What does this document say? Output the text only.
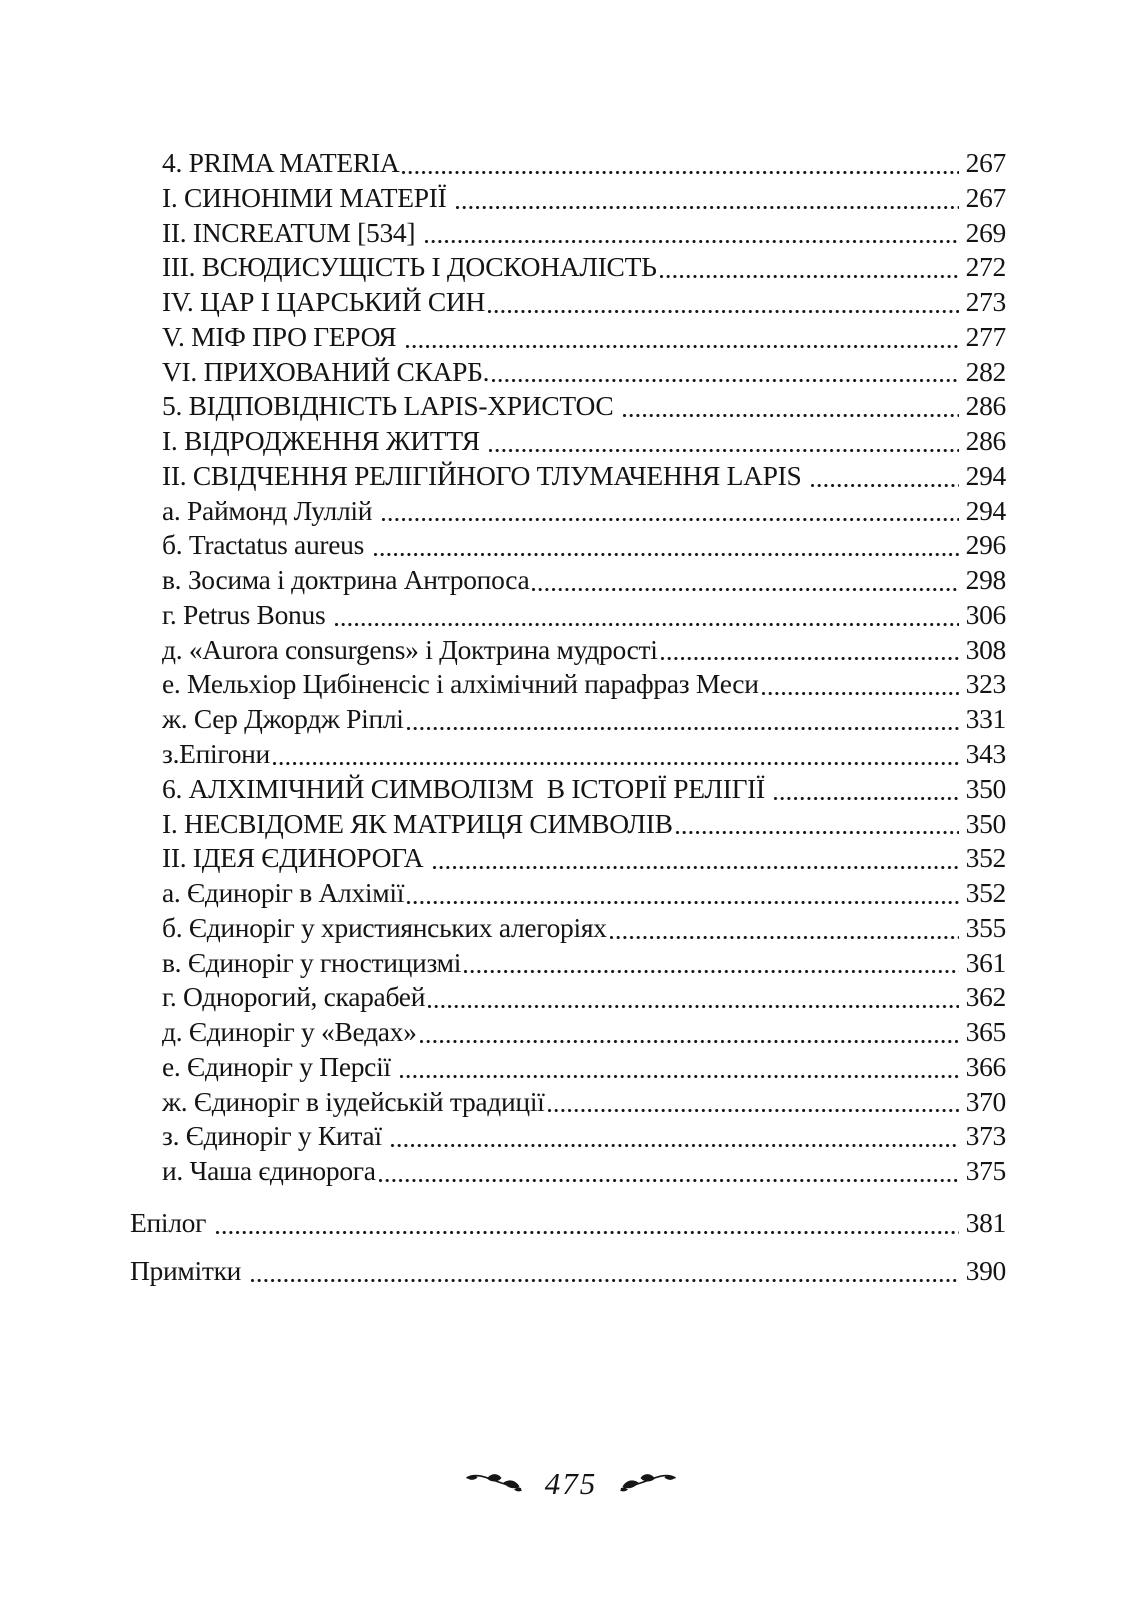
4. PRIMA MATERIA	267
І. СИНОНІМИ МАТЕРІЇ	267
ІІ. INCREATUM [534]	269
ІІІ. ВСЮДИСУЩІСТЬ І ДОСКОНАЛІСТЬ	272
IV. ЦАР І ЦАРСЬКИЙ СИН	273
V. МІФ ПРО ГЕРОЯ	277
VI. ПРИХОВАНИЙ СКАРБ.	282
5. ВІДПОВІДНІСТЬ LAPIS-ХРИСТОС	286
І. ВІДРОДЖЕННЯ ЖИТТЯ	286
ІІ. СВІДЧЕННЯ РЕЛІГІЙНОГО ТЛУМАЧЕННЯ LAPIS	294
а. Раймонд Луллій	294
б. Tractatus aureus	296
в. Зосима і доктрина Антропоса	298
г. Petrus Bonus	306
д. «Aurora consurgens» і Доктрина мудрості	308
е. Мельхіор Цибіненсіс і алхімічний парафраз Меси	323
ж. Сер Джордж Ріплі	331
з.Епігони	343
6. АЛХІМІЧНИЙ СИМВОЛІЗМ  В ІСТОРІЇ РЕЛІГІЇ	350
І. НЕСВІДОМЕ ЯК МАТРИЦЯ СИМВОЛІВ	350
ІІ. ІДЕЯ ЄДИНОРОГА	352
а. Єдиноріг в Алхімії	352
б. Єдиноріг у християнських алегоріях	355
в. Єдиноріг у гностицизмі	361
г. Однорогий, скарабей	362
д. Єдиноріг у «Ведах»	365
е. Єдиноріг у Персії	366
ж. Єдиноріг в іудейській традиції	370
з. Єдиноріг у Китаї	373
и. Чаша єдинорога	375
Епілог	381
Примітки	390
475
